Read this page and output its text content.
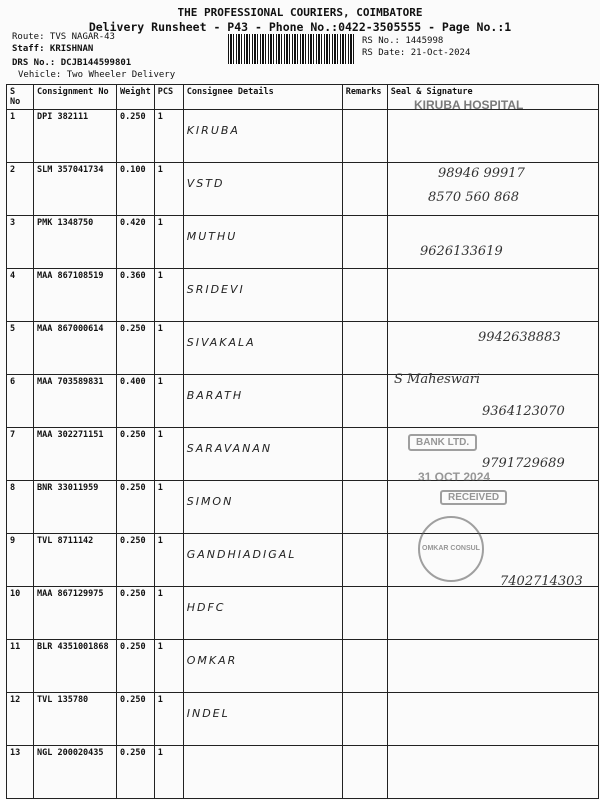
THE PROFESSIONAL COURIERS, COIMBATORE
Delivery Runsheet - P43 - Phone No.:0422-3505555 - Page No.:1
Route: TVS NAGAR-43
Staff: KRISHNAN
DRS No.: DCJB144599801
Vehicle: Two Wheeler Delivery
RS No.: 1445998
RS Date: 21-Oct-2024
S No	Consignment No	Weight	PCS	Consignee Details	Remarks	Seal & Signature
1	DPI 382111	0.250	1	KIRUBA		
2	SLM 357041734	0.100	1	VSTD		
3	PMK 1348750	0.420	1	MUTHU		
4	MAA 867108519	0.360	1	SRIDEVI		
5	MAA 867000614	0.250	1	SIVAKALA		
6	MAA 703589831	0.400	1	BARATH		
7	MAA 302271151	0.250	1	SARAVANAN		
8	BNR 33011959	0.250	1	SIMON		
9	TVL 8711142	0.250	1	GANDHIADIGAL		
10	MAA 867129975	0.250	1	HDFC		
11	BLR 4351001868	0.250	1	OMKAR		
12	TVL 135780	0.250	1	INDEL		
13	NGL 200020435	0.250	1			
KIRUBA HOSPITAL
BANK LTD.
31 OCT 2024
RECEIVED
OMKAR CONSUL
98946 99917
8570 560 868
9626133619
9942638883
S Maheswari
9364123070
9791729689
7402714303
